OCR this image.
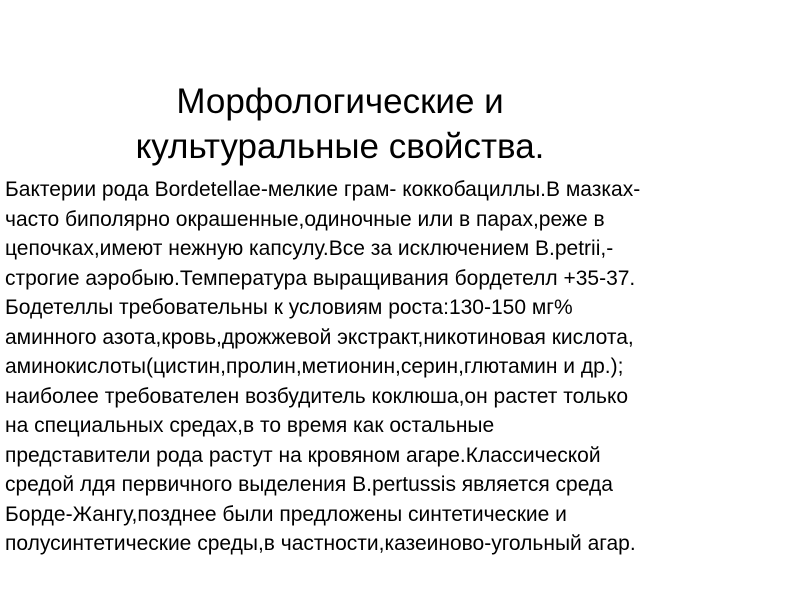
Морфологические и
культуральные свойства.
Бактерии рода Bordetellae-мелкие грам- коккобациллы.В мазках-
часто биполярно окрашенные,одиночные или в парах,реже в
цепочках,имеют нежную капсулу.Все за исключением B.petrii,-
строгие аэробыю.Температура выращивания бордетелл +35-37.
Бодетеллы требовательны к условиям роста:130-150 мг%
аминного азота,кровь,дрожжевой экстракт,никотиновая кислота,
аминокислоты(цистин,пролин,метионин,серин,глютамин и др.);
наиболее требователен возбудитель коклюша,он растет только
на специальных средах,в то время как остальные
представители рода растут на кровяном агаре.Классической
средой лдя первичного выделения B.pertussis является среда
Борде-Жангу,позднее были предложены синтетические и
полусинтетические среды,в частности,казеиново-угольный агар.
